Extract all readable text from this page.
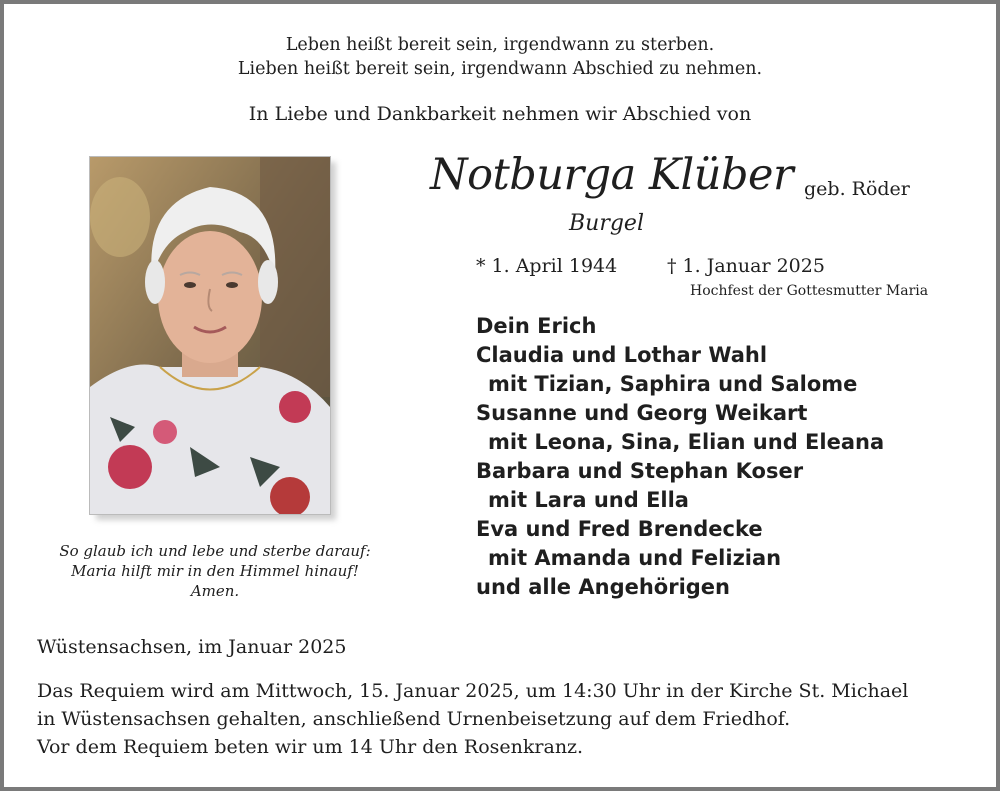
Leben heißt bereit sein, irgendwann zu sterben.
Lieben heißt bereit sein, irgendwann Abschied zu nehmen.
In Liebe und Dankbarkeit nehmen wir Abschied von
So glaub ich und lebe und sterbe darauf:
Maria hilft mir in den Himmel hinauf!
Amen.
Notburga Klüber geb. Röder
Burgel
* 1. April 1944	† 1. Januar 2025
Hochfest der Gottesmutter Maria
Dein Erich
Claudia und Lothar Wahl
mit Tizian, Saphira und Salome
Susanne und Georg Weikart
mit Leona, Sina, Elian und Eleana
Barbara und Stephan Koser
mit Lara und Ella
Eva und Fred Brendecke
mit Amanda und Felizian
und alle Angehörigen
Wüstensachsen, im Januar 2025
Das Requiem wird am Mittwoch, 15. Januar 2025, um 14:30 Uhr in der Kirche St. Michael
in Wüstensachsen gehalten, anschließend Urnenbeisetzung auf dem Friedhof.
Vor dem Requiem beten wir um 14 Uhr den Rosenkranz.
